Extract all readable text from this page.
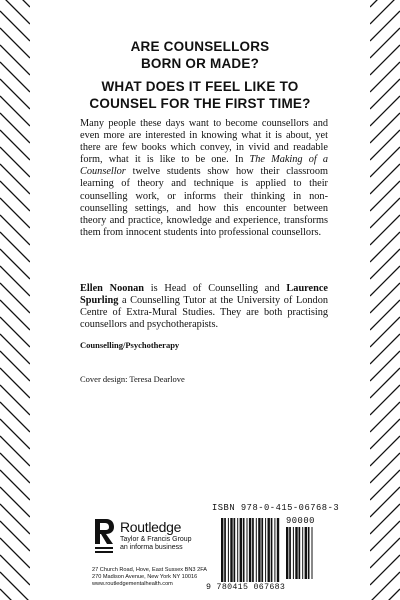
ARE COUNSELLORS
BORN OR MADE?
WHAT DOES IT FEEL LIKE TO
COUNSEL FOR THE FIRST TIME?
Many people these days want to become counsellors and even more are interested in knowing what it is about, yet there are few books which convey, in vivid and readable form, what it is like to be one. In The Making of a Counsellor twelve students show how their classroom learning of theory and technique is applied to their counselling work, or informs their thinking in non-counselling settings, and how this encounter between theory and practice, knowledge and experience, transforms them from innocent students into professional counsellors.
Ellen Noonan is Head of Counselling and Laurence Spurling a Counselling Tutor at the University of London Centre of Extra-Mural Studies. They are both practising counsellors and psychotherapists.
Counselling/Psychotherapy
Cover design: Teresa Dearlove
Routledge
Taylor & Francis Group
an informa business
27 Church Road, Hove, East Sussex BN3 2FA
270 Madison Avenue, New York NY 10016
www.routledgementalhealth.com
ISBN 978-0-415-06768-3
90000
9 780415 067683
